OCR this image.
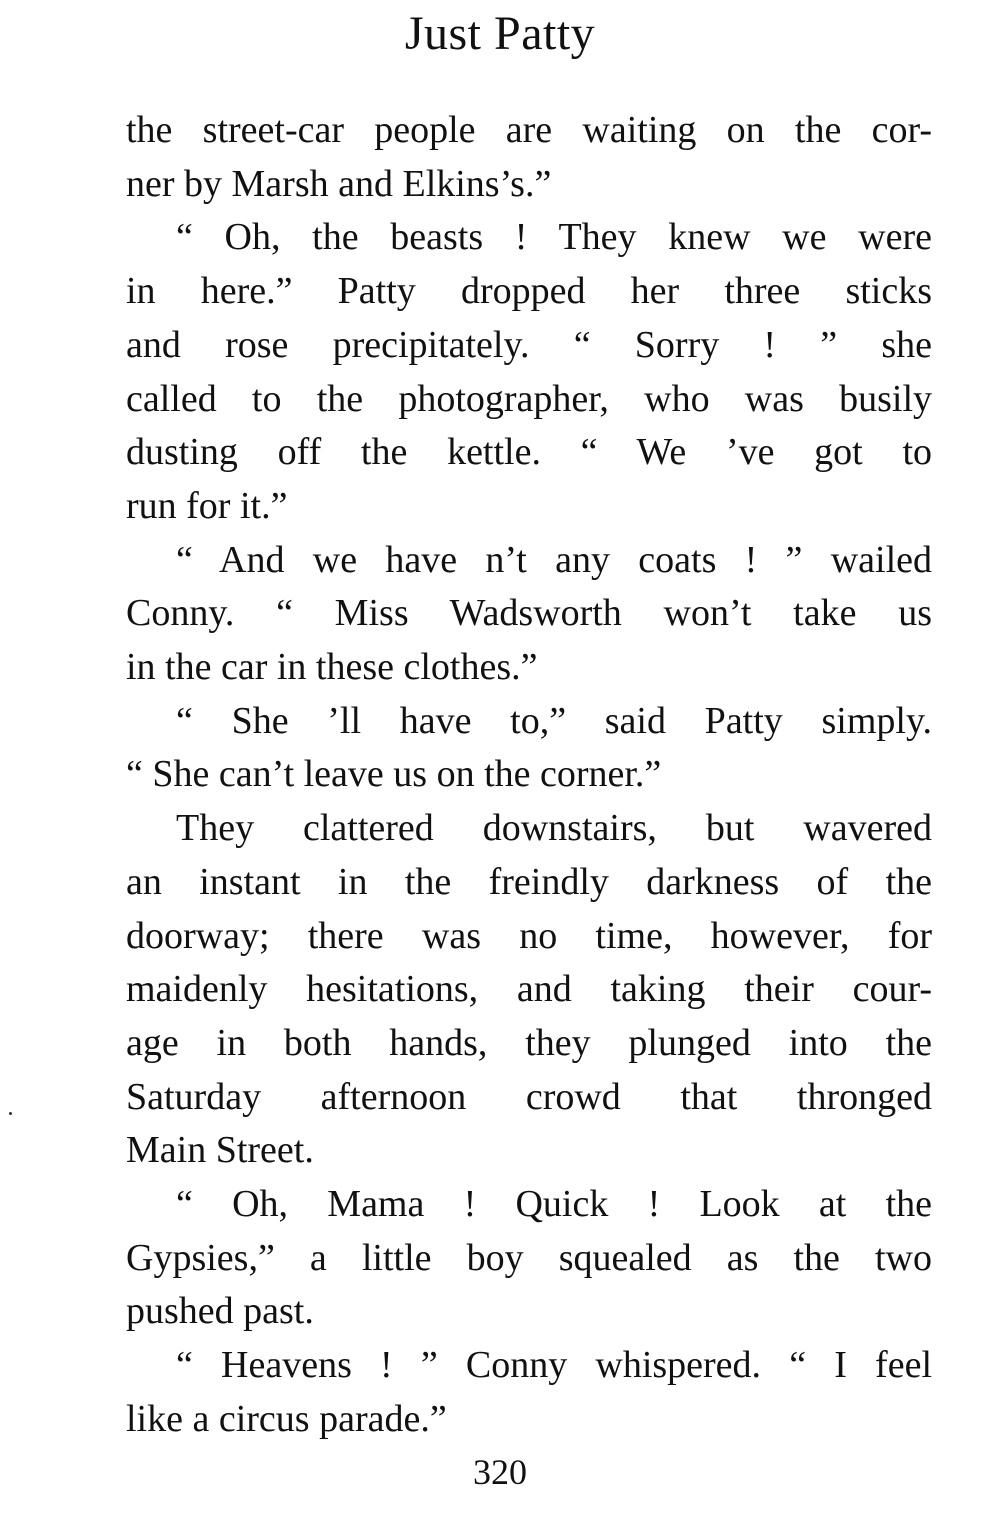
Just Patty

the street-car people are waiting on the cor-
ner by Marsh and Elkins’s.”

“ Oh, the beasts ! They knew we were
in here.” Patty dropped her three sticks
and rose precipitately. “ Sorry ! ” she
called to the photographer, who was busily
dusting off the kettle. “ We ’ve got to
run for it.”

“ And we have n’t any coats ! ” wailed
Conny. “ Miss Wadsworth won’t take us
in the car in these clothes.”

“ She ’ll have to,” said Patty simply.
“ She can’t leave us on the corner.”

They clattered downstairs, but wavered
an instant in the freindly darkness of the
doorway; there was no time, however, for
maidenly hesitations, and taking their cour-
age in both hands, they plunged into the
Saturday afternoon crowd that thronged
Main Street.

“ Oh, Mama ! Quick ! Look at the
Gypsies,” a little boy squealed as the two
pushed past.

“ Heavens ! ” Conny whispered. “ I feel
like a circus parade.”

320
